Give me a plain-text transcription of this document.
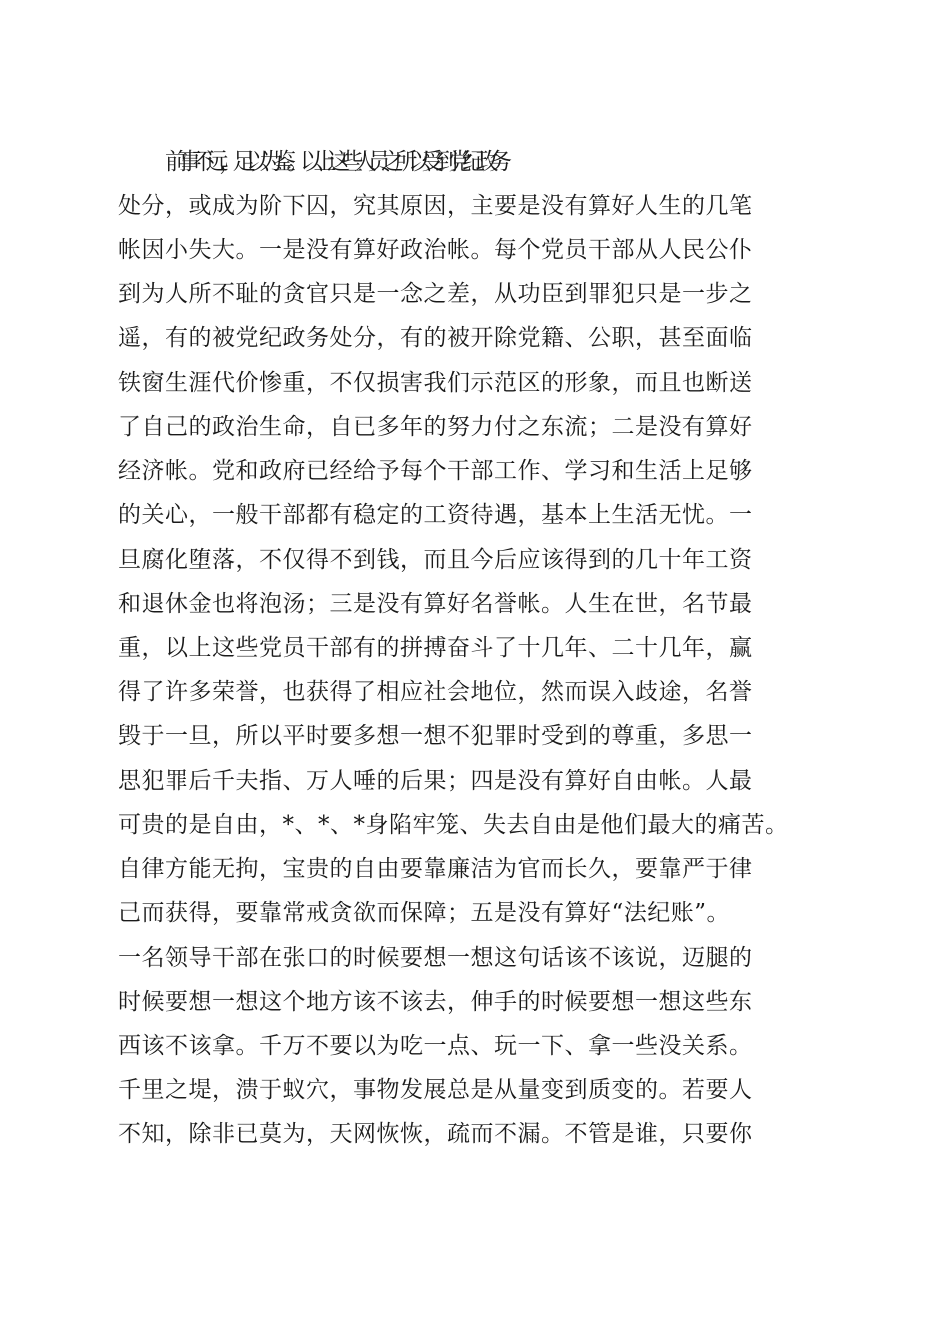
前事不远，足以为鉴。以上这些人员之所以受到党纪政务
处分，或成为阶下囚，究其原因，主要是没有算好人生的几笔
帐因小失大。一是没有算好政治帐。每个党员干部从人民公仆
到为人所不耻的贪官只是一念之差，从功臣到罪犯只是一步之
遥，有的被党纪政务处分，有的被开除党籍、公职，甚至面临
铁窗生涯代价惨重，不仅损害我们示范区的形象，而且也断送
了自己的政治生命，自已多年的努力付之东流；二是没有算好
经济帐。党和政府已经给予每个干部工作、学习和生活上足够
的关心，一般干部都有稳定的工资待遇，基本上生活无忧。一
旦腐化堕落，不仅得不到钱，而且今后应该得到的几十年工资
和退休金也将泡汤；三是没有算好名誉帐。人生在世，名节最
重，以上这些党员干部有的拼搏奋斗了十几年、二十几年，赢
得了许多荣誉，也获得了相应社会地位，然而误入歧途，名誉
毁于一旦，所以平时要多想一想不犯罪时受到的尊重，多思一
思犯罪后千夫指、万人唾的后果；四是没有算好自由帐。人最
可贵的是自由，*、*、*身陷牢笼、失去自由是他们最大的痛苦。
自律方能无拘，宝贵的自由要靠廉洁为官而长久，要靠严于律
己而获得，要靠常戒贪欲而保障；五是没有算好“法纪账”。
一名领导干部在张口的时候要想一想这句话该不该说，迈腿的
时候要想一想这个地方该不该去，伸手的时候要想一想这些东
西该不该拿。千万不要以为吃一点、玩一下、拿一些没关系。
千里之堤，溃于蚁穴，事物发展总是从量变到质变的。若要人
不知，除非已莫为，天网恢恢，疏而不漏。不管是谁，只要你
